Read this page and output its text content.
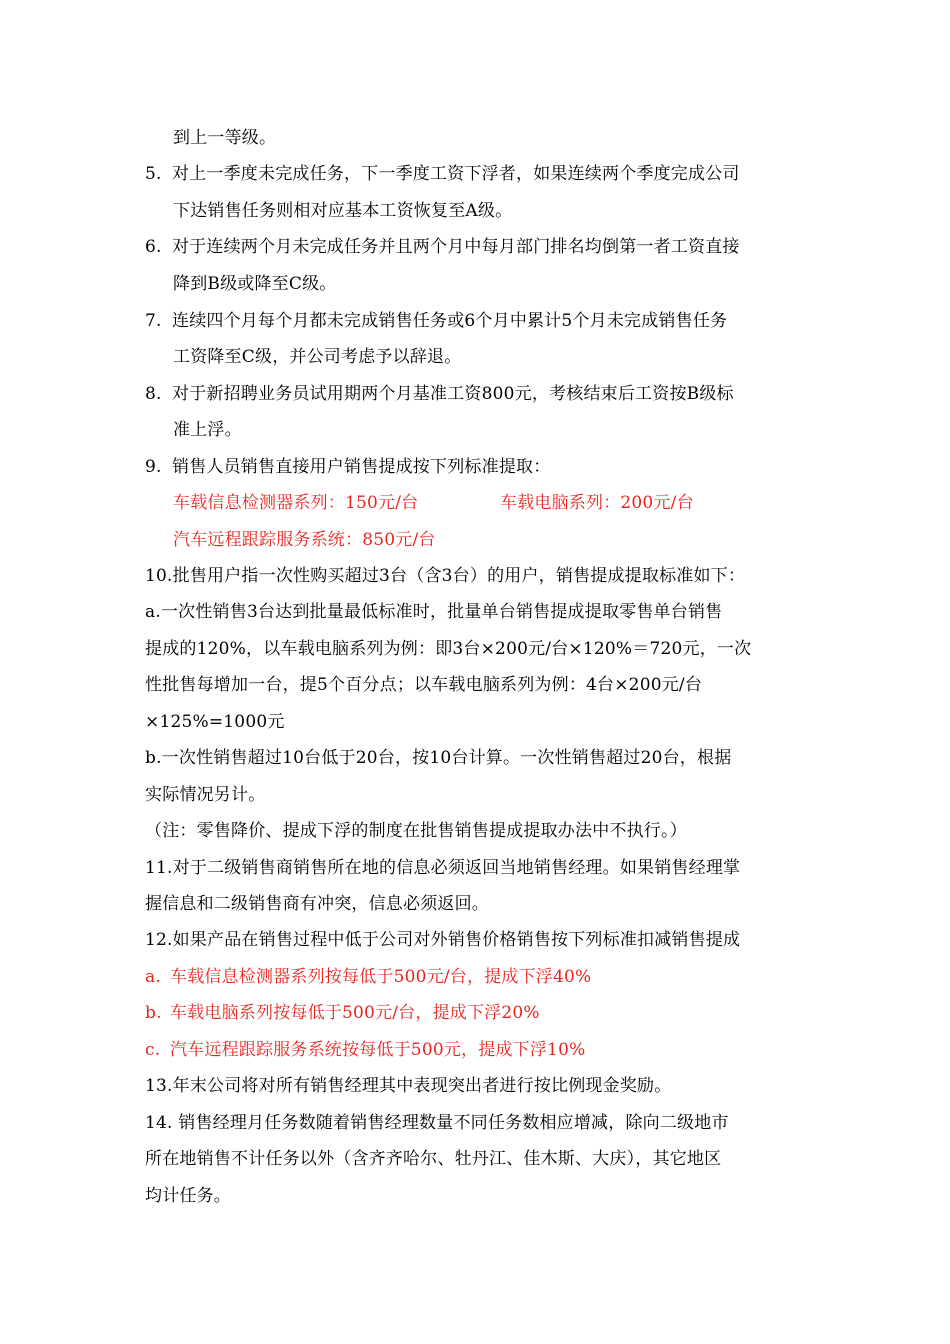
到上一等级。
5. 对上一季度未完成任务，下一季度工资下浮者，如果连续两个季度完成公司
下达销售任务则相对应基本工资恢复至A级。
6. 对于连续两个月未完成任务并且两个月中每月部门排名均倒第一者工资直接
降到B级或降至C级。
7. 连续四个月每个月都未完成销售任务或6个月中累计5个月未完成销售任务
工资降至C级，并公司考虑予以辞退。
8. 对于新招聘业务员试用期两个月基准工资800元，考核结束后工资按B级标
准上浮。
9. 销售人员销售直接用户销售提成按下列标准提取：
车载信息检测器系列：150元/台	车载电脑系列：200元/台
汽车远程跟踪服务系统：850元/台
10.批售用户指一次性购买超过3台（含3台）的用户，销售提成提取标准如下：
a.一次性销售3台达到批量最低标准时，批量单台销售提成提取零售单台销售
提成的120%，以车载电脑系列为例：即3台×200元/台×120%＝720元，一次
性批售每增加一台，提5个百分点；以车载电脑系列为例：4台×200元/台
×125%=1000元
b.一次性销售超过10台低于20台，按10台计算。一次性销售超过20台，根据
实际情况另计。
（注：零售降价、提成下浮的制度在批售销售提成提取办法中不执行。）
11.对于二级销售商销售所在地的信息必须返回当地销售经理。如果销售经理掌
握信息和二级销售商有冲突，信息必须返回。
12.如果产品在销售过程中低于公司对外销售价格销售按下列标准扣减销售提成
a. 车载信息检测器系列按每低于500元/台，提成下浮40%
b. 车载电脑系列按每低于500元/台，提成下浮20%
c. 汽车远程跟踪服务系统按每低于500元，提成下浮10%
13.年末公司将对所有销售经理其中表现突出者进行按比例现金奖励。
14. 销售经理月任务数随着销售经理数量不同任务数相应增减，除向二级地市
所在地销售不计任务以外（含齐齐哈尔、牡丹江、佳木斯、大庆），其它地区
均计任务。
